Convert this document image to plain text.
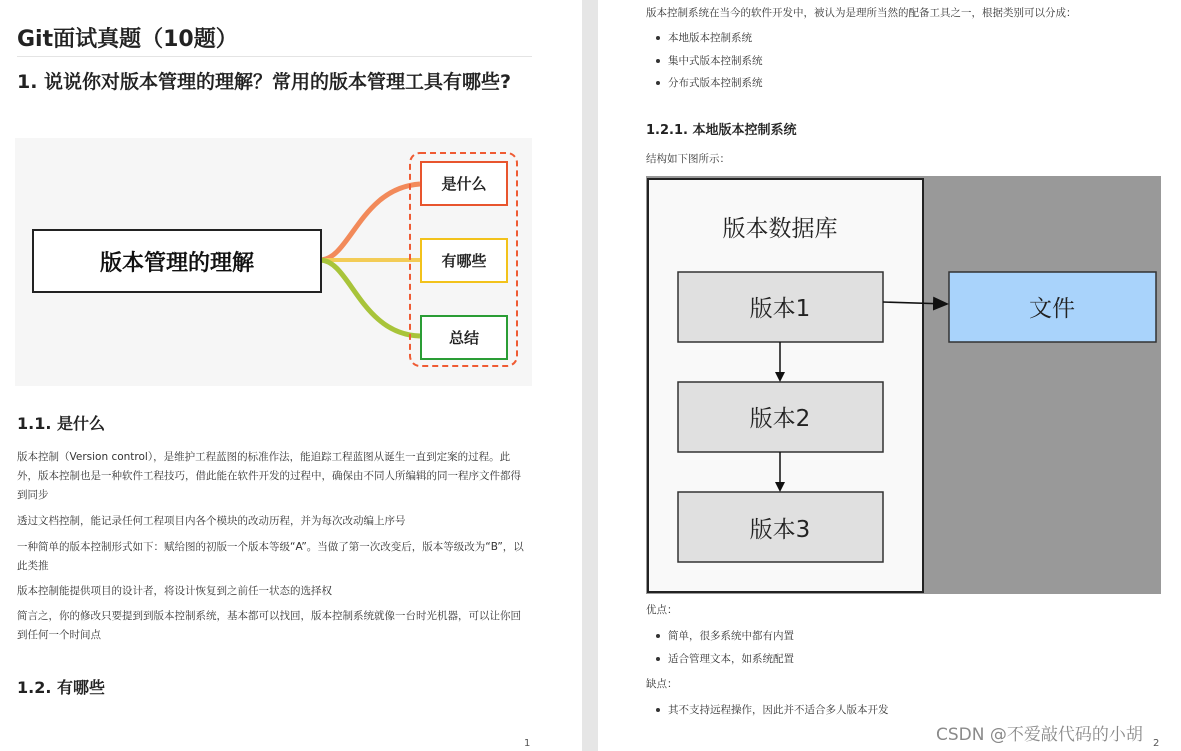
Git面试真题（10题）
1. 说说你对版本管理的理解？常用的版本管理工具有哪些?
版本管理的理解
是什么
有哪些
总结
1.1. 是什么
版本控制（Version control），是维护工程蓝图的标准作法，能追踪工程蓝图从诞生一直到定案的过程。此外，版本控制也是一种软件工程技巧，借此能在软件开发的过程中，确保由不同人所编辑的同一程序文件都得到同步
透过文档控制，能记录任何工程项目内各个模块的改动历程，并为每次改动编上序号
一种简单的版本控制形式如下：赋给图的初版一个版本等级“A”。当做了第一次改变后，版本等级改为“B”，以此类推
版本控制能提供项目的设计者，将设计恢复到之前任一状态的选择权
简言之，你的修改只要提到到版本控制系统，基本都可以找回，版本控制系统就像一台时光机器，可以让你回到任何一个时间点
1.2. 有哪些
1
版本控制系统在当今的软件开发中，被认为是理所当然的配备工具之一，根据类别可以分成：
本地版本控制系统
集中式版本控制系统
分布式版本控制系统
1.2.1. 本地版本控制系统
结构如下图所示：
版本数据库
版本1
版本2
版本3
文件
优点：
简单，很多系统中都有内置
适合管理文本，如系统配置
缺点：
其不支持远程操作，因此并不适合多人版本开发
2
CSDN @不爱敲代码的小胡
